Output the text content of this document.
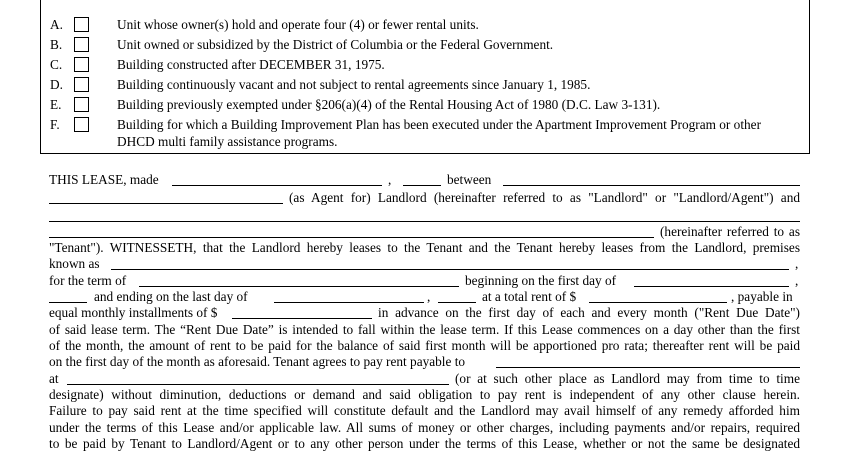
A.	Unit whose owner(s) hold and operate four (4) or fewer rental units.
B.	Unit owned or subsidized by the District of Columbia or the Federal Government.
C.	Building constructed after DECEMBER 31, 1975.
D.	Building continuously vacant and not subject to rental agreements since January 1, 1985.
E.	Building previously exempted under §206(a)(4) of the Rental Housing Act of 1980 (D.C. Law 3-131).
F.	Building for which a Building Improvement Plan has been executed under the Apartment Improvement Program or other
DHCD multi family assistance programs.
THIS LEASE, made	,	between
(as Agent for) Landlord (hereinafter referred to as "Landlord" or "Landlord/Agent") and
(hereinafter referred to as
"Tenant"). WITNESSETH, that the Landlord hereby leases to the Tenant and the Tenant hereby leases from the Landlord, premises
known as	,
for the term of	beginning on the first day of	,
and ending on the last day of	,	at a total rent of $	, payable in
equal monthly installments of $	in advance on the first day of each and every month ("Rent Due Date")
of said lease term. The “Rent Due Date” is intended to fall within the lease term. If this Lease commences on a day other than the first
of the month, the amount of rent to be paid for the balance of said first month will be apportioned pro rata; thereafter rent will be paid
on the first day of the month as aforesaid. Tenant agrees to pay rent payable to
at	(or at such other place as Landlord may from time to time
designate) without diminution, deductions or demand and said obligation to pay rent is independent of any other clause herein.
Failure to pay said rent at the time specified will constitute default and the Landlord may avail himself of any remedy afforded him
under the terms of this Lease and/or applicable law. All sums of money or other charges, including payments and/or repairs, required
to be paid by Tenant to Landlord/Agent or to any other person under the terms of this Lease, whether or not the same be designated
